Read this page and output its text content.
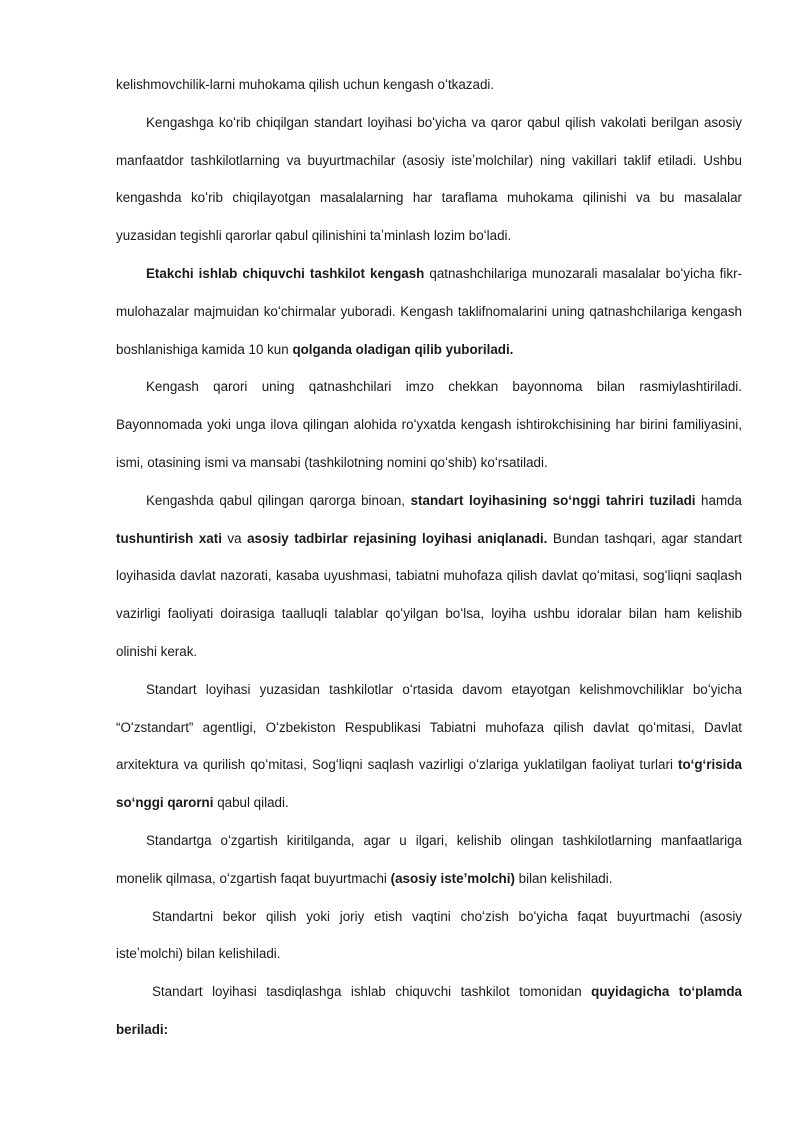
kelishmovchilik-larni muhokama qilish uchun kengash oʻtkazadi.

Kengashga koʻrib chiqilgan standart loyihasi boʻyicha va qaror qabul qilish vakolati berilgan asosiy manfaatdor tashkilotlarning va buyurtmachilar (asosiy isteʼmolchilar) ning vakillari taklif etiladi. Ushbu kengashda koʻrib chiqilayotgan masalalarning har taraflama muhokama qilinishi va bu masalalar yuzasidan tegishli qarorlar qabul qilinishini taʼminlash lozim boʻladi.

Etakchi ishlab chiquvchi tashkilot kengash qatnashchilariga munozarali masalalar boʻyicha fikr-mulohazalar majmuidan koʻchirmalar yuboradi. Kengash taklifnomalarini uning qatnashchilariga kengash boshlanishiga kamida 10 kun qolganda oladigan qilib yuboriladi.

Kengash qarori uning qatnashchilari imzo chekkan bayonnoma bilan rasmiylashtiriladi. Bayonnomada yoki unga ilova qilingan alohida roʻyxatda kengash ishtirokchisining har birini familiyasini, ismi, otasining ismi va mansabi (tashkilotning nomini qoʻshib) koʻrsatiladi.

Kengashda qabul qilingan qarorga binoan, standart loyihasining soʻnggi tahriri tuziladi hamda tushuntirish xati va asosiy tadbirlar rejasining loyihasi aniqlanadi. Bundan tashqari, agar standart loyihasida davlat nazorati, kasaba uyushmasi, tabiatni muhofaza qilish davlat qoʻmitasi, sogʻliqni saqlash vazirligi faoliyati doirasiga taalluqli talablar qoʻyilgan boʻlsa, loyiha ushbu idoralar bilan ham kelishib olinishi kerak.

Standart loyihasi yuzasidan tashkilotlar oʻrtasida davom etayotgan kelishmovchiliklar boʻyicha “Oʻzstandart” agentligi, Oʻzbekiston Respublikasi Tabiatni muhofaza qilish davlat qoʻmitasi, Davlat arxitektura va qurilish qoʻmitasi, Sogʻliqni saqlash vazirligi oʻzlariga yuklatilgan faoliyat turlari toʻgʻrisida soʻnggi qarorni qabul qiladi.

Standartga oʻzgartish kiritilganda, agar u ilgari, kelishib olingan tashkilotlarning manfaatlariga monelik qilmasa, oʻzgartish faqat buyurtmachi (asosiy isteʼmolchi) bilan kelishiladi.

Standartni bekor qilish yoki joriy etish vaqtini choʻzish boʻyicha faqat buyurtmachi (asosiy isteʼmolchi) bilan kelishiladi.

Standart loyihasi tasdiqlashga ishlab chiquvchi tashkilot tomonidan quyidagicha toʻplamda beriladi:
